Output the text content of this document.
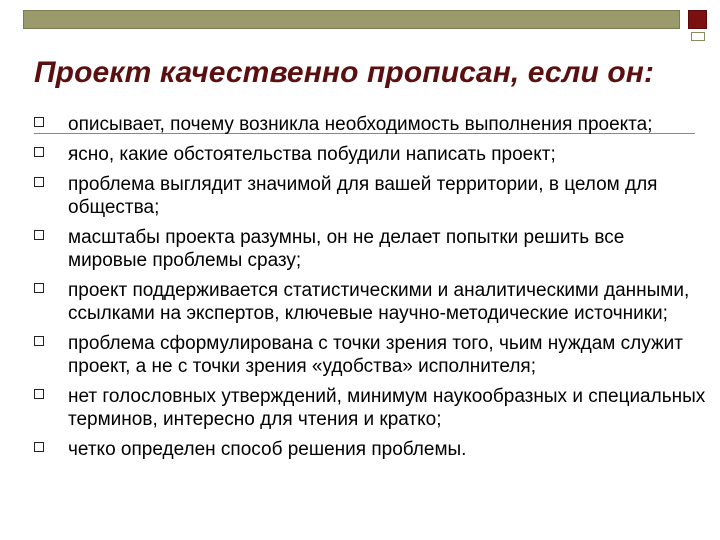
Проект качественно прописан, если он:
описывает, почему возникла необходимость выполнения проекта;
ясно, какие обстоятельства побудили написать проект;
проблема выглядит значимой для вашей территории, в целом для общества;
масштабы проекта разумны, он не делает попытки решить все мировые проблемы сразу;
проект поддерживается статистическими и аналитическими данными, ссылками на экспертов, ключевые научно-методические источники;
проблема сформулирована с точки зрения того, чьим нуждам служит проект, а не с точки зрения «удобства» исполнителя;
нет голословных утверждений, минимум наукообразных и специальных терминов, интересно для чтения и кратко;
четко определен способ решения проблемы.
